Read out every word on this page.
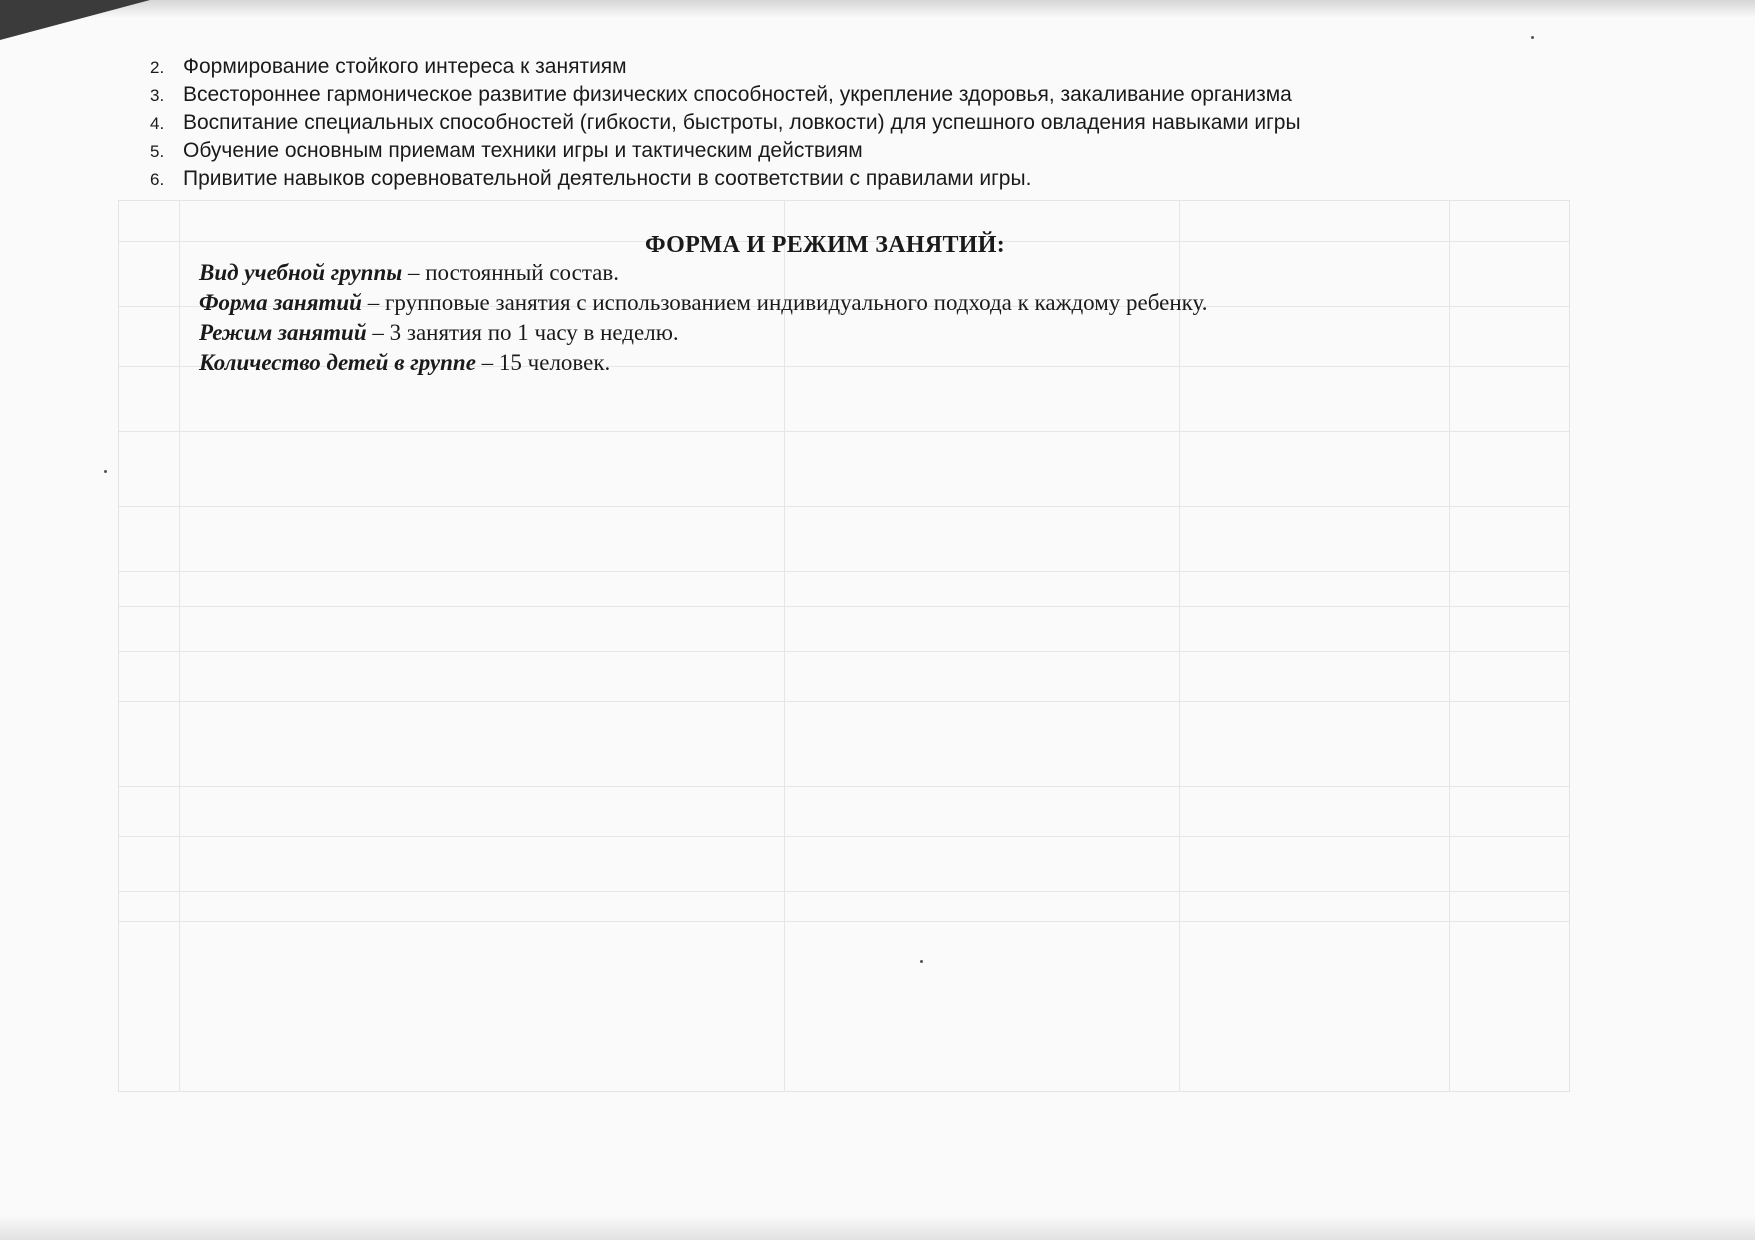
2. Формирование стойкого интереса к занятиям
3. Всестороннее гармоническое развитие физических способностей, укрепление здоровья, закаливание организма
4. Воспитание специальных способностей (гибкости, быстроты, ловкости) для успешного овладения навыками игры
5. Обучение основным приемам техники игры и тактическим действиям
6. Привитие навыков соревновательной деятельности в соответствии с правилами игры.
ФОРМА И РЕЖИМ ЗАНЯТИЙ:
Вид учебной группы – постоянный состав.
Форма занятий – групповые занятия с использованием индивидуального подхода к каждому ребенку.
Режим занятий – 3 занятия по 1 часу в неделю.
Количество детей в группе – 15 человек.
